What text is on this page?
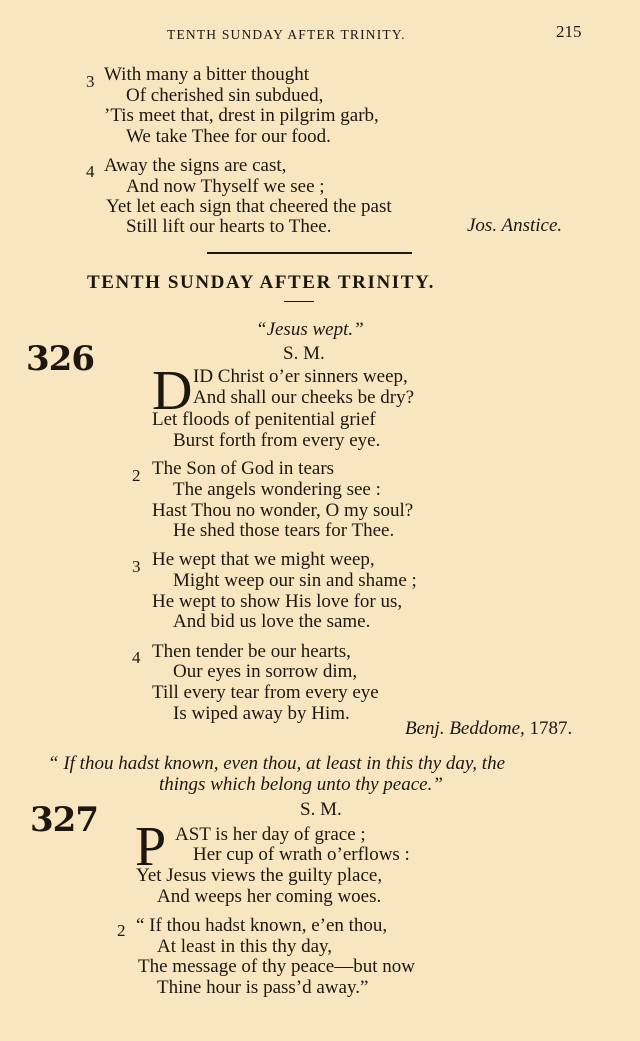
TENTH SUNDAY AFTER TRINITY.	215
3 With many a bitter thought
Of cherished sin subdued,
’Tis meet that, drest in pilgrim garb,
We take Thee for our food.
4 Away the signs are cast,
And now Thyself we see ;
Yet let each sign that cheered the past
Still lift our hearts to Thee.	Jos. Anstice.
TENTH SUNDAY AFTER TRINITY.
“Jesus wept.”
326	S. M.
D ID Christ o’er sinners weep,
And shall our cheeks be dry?
Let floods of penitential grief
Burst forth from every eye.
2 The Son of God in tears
The angels wondering see :
Hast Thou no wonder, O my soul?
He shed those tears for Thee.
3 He wept that we might weep,
Might weep our sin and shame ;
He wept to show His love for us,
And bid us love the same.
4 Then tender be our hearts,
Our eyes in sorrow dim,
Till every tear from every eye
Is wiped away by Him.
Benj. Beddome, 1787.
“ If thou hadst known, even thou, at least in this thy day, the
things which belong unto thy peace.”
327	S. M.
P AST is her day of grace ;
Her cup of wrath o’erflows :
Yet Jesus views the guilty place,
And weeps her coming woes.
2 “ If thou hadst known, e’en thou,
At least in this thy day,
The message of thy peace—but now
Thine hour is pass’d away.”
